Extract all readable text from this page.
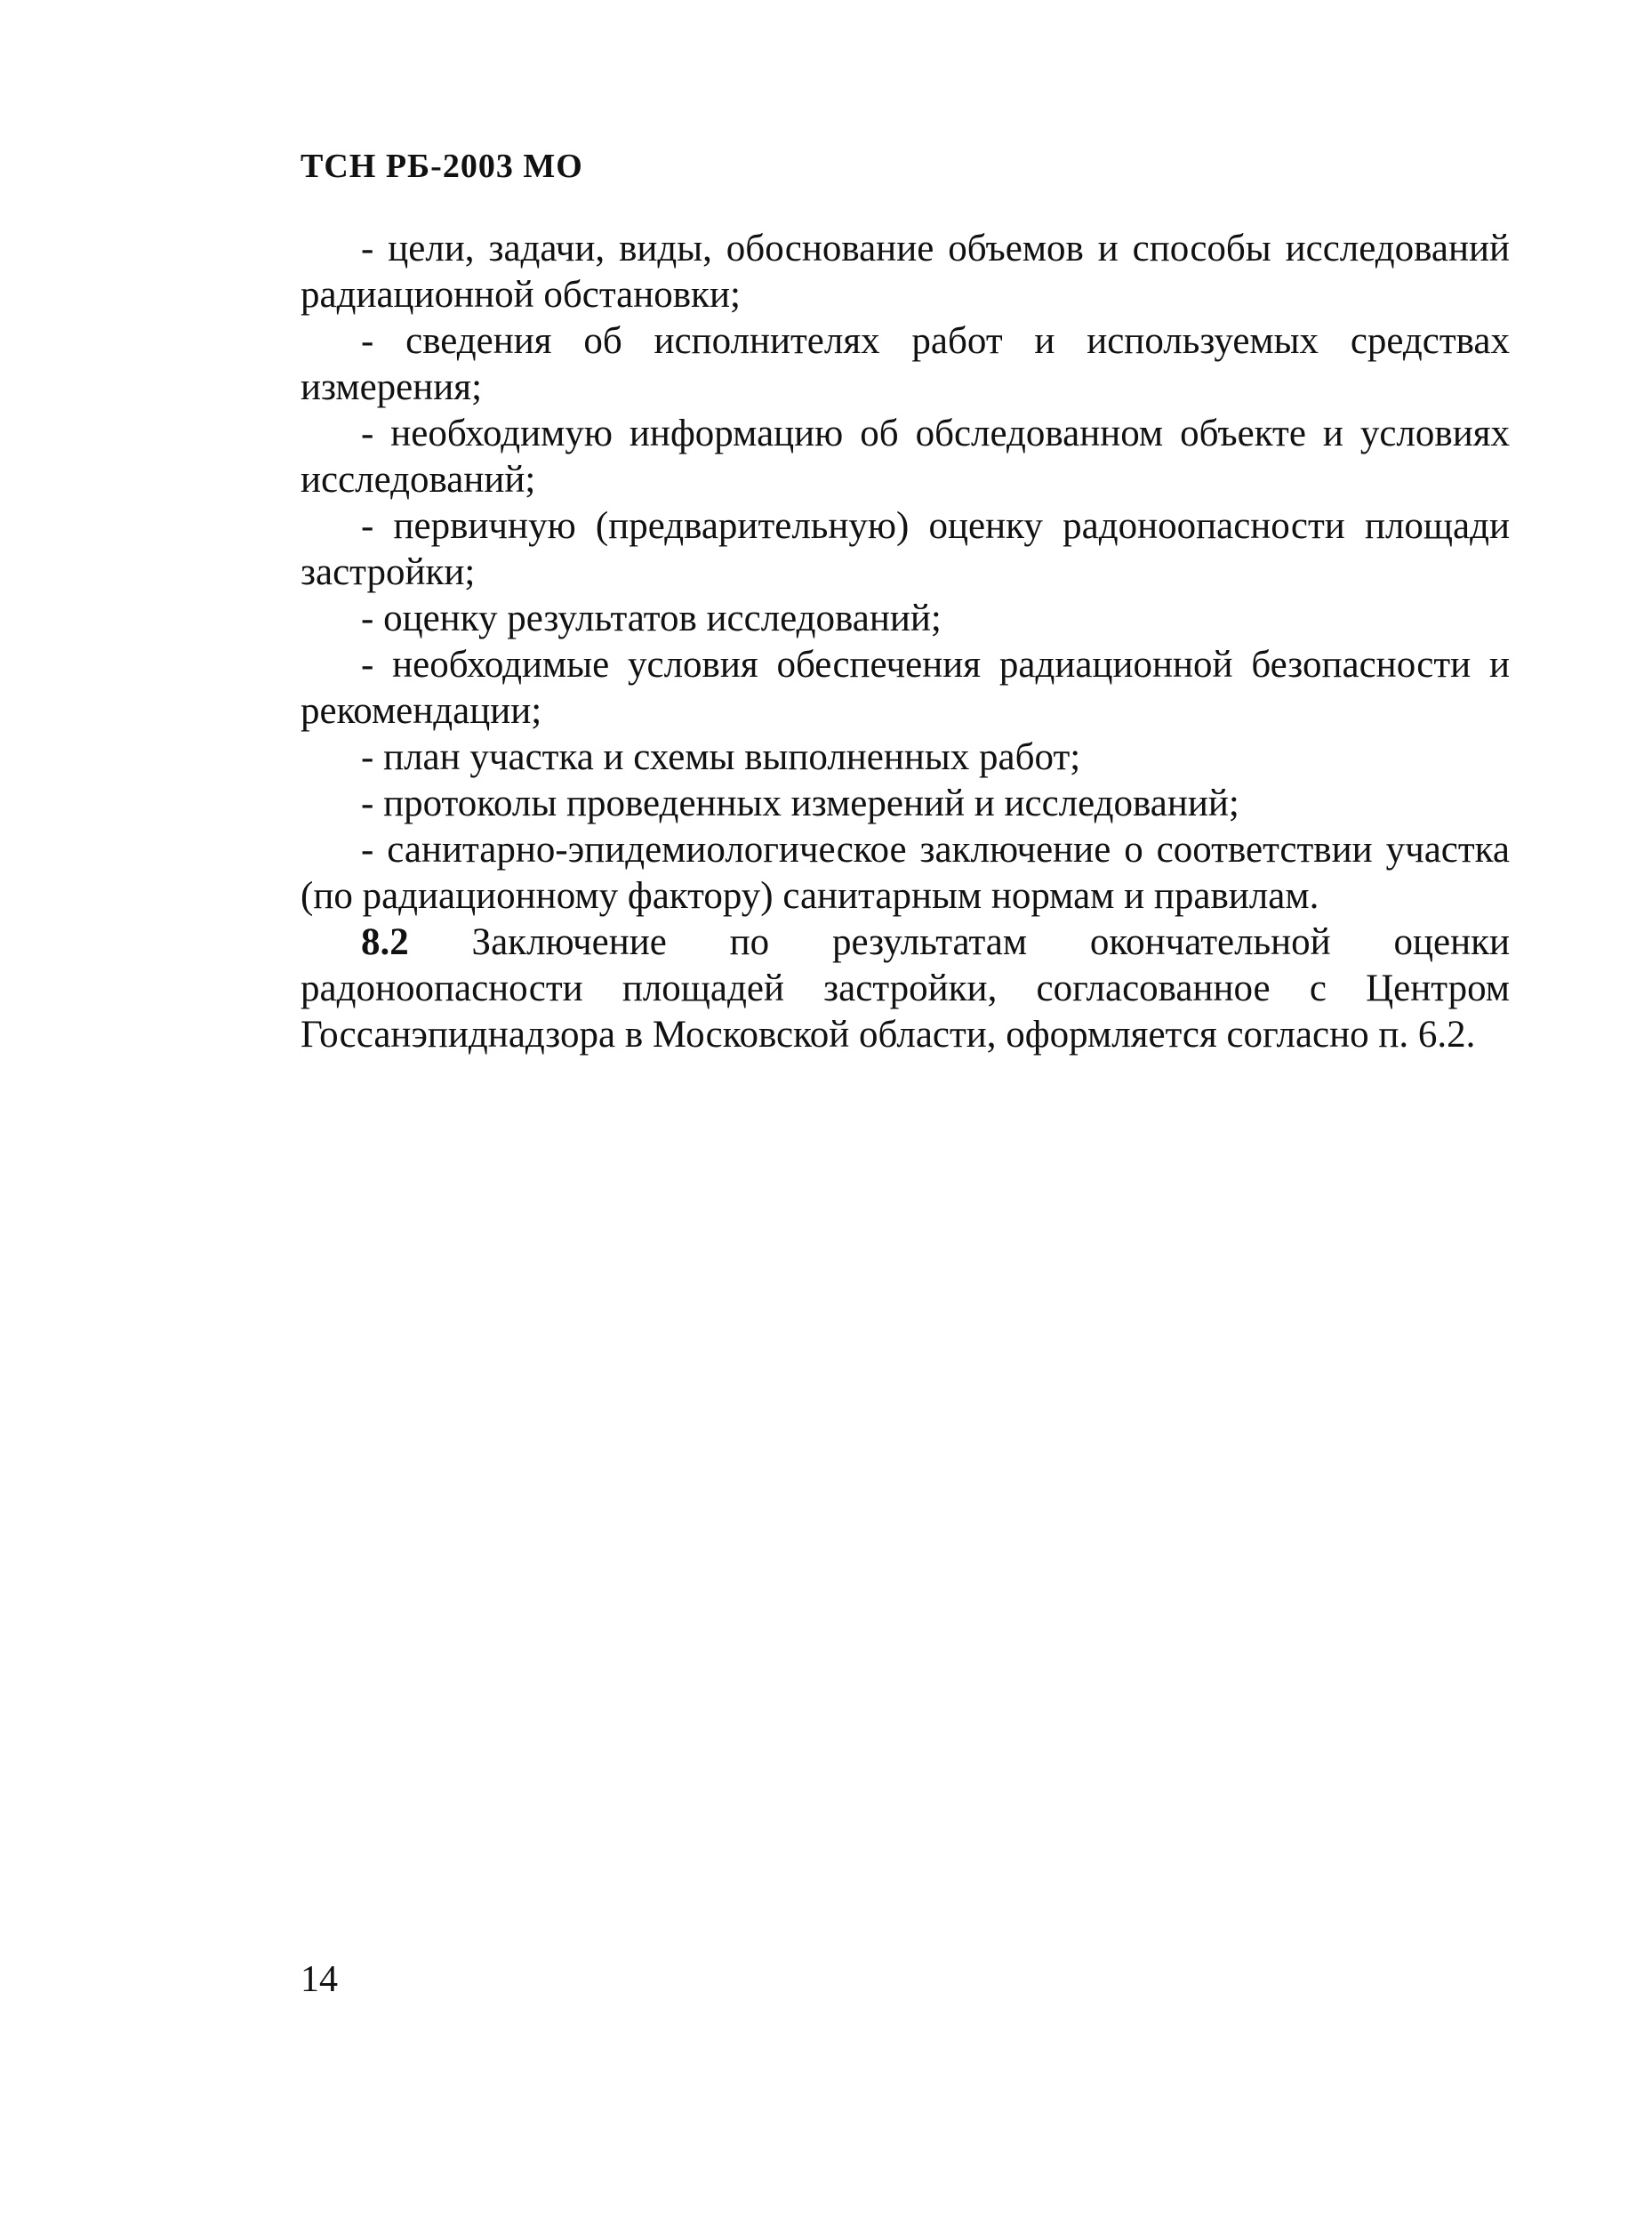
ТСН РБ-2003 МО

- цели, задачи, виды, обоснование объемов и способы исследований радиационной обстановки;

- сведения об исполнителях работ и используемых средствах измерения;

- необходимую информацию об обследованном объекте и условиях исследований;

- первичную (предварительную) оценку радоноопасности площади застройки;

- оценку результатов исследований;

- необходимые условия обеспечения радиационной безопасности и рекомендации;

- план участка и схемы выполненных работ;

- протоколы проведенных измерений и исследований;

- санитарно-эпидемиологическое заключение о соответствии участка (по радиационному фактору) санитарным нормам и правилам.

8.2 Заключение по результатам окончательной оценки радоноопасности площадей застройки, согласованное с Центром Госсанэпиднадзора в Московской области, оформляется согласно п. 6.2.

14
